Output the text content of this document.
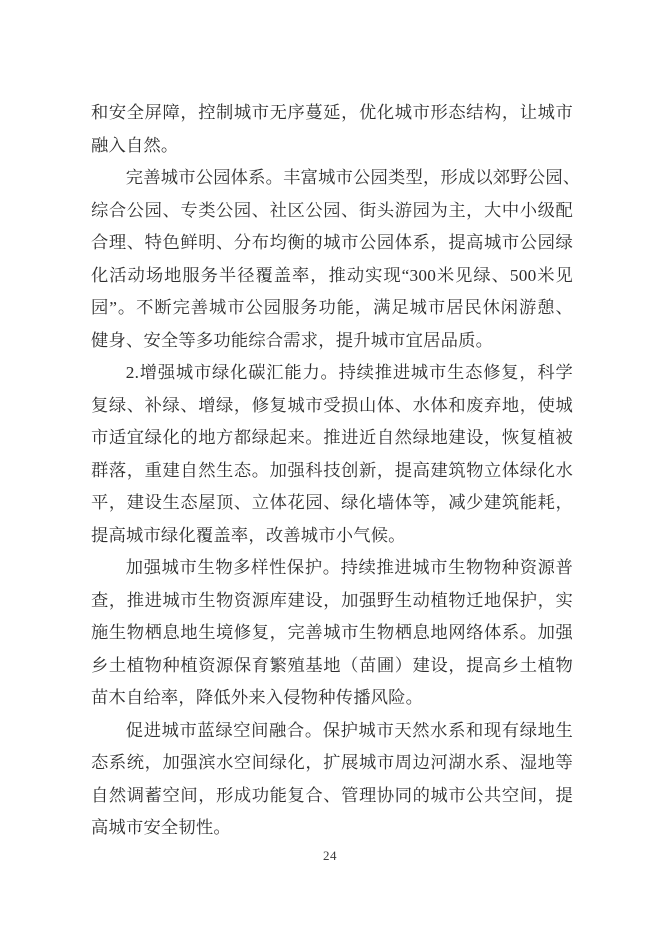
和安全屏障，控制城市无序蔓延，优化城市形态结构，让城市
融入自然。
完善城市公园体系。丰富城市公园类型，形成以郊野公园、
综合公园、专类公园、社区公园、街头游园为主，大中小级配
合理、特色鲜明、分布均衡的城市公园体系，提高城市公园绿
化活动场地服务半径覆盖率，推动实现“300米见绿、500米见
园”。不断完善城市公园服务功能，满足城市居民休闲游憩、
健身、安全等多功能综合需求，提升城市宜居品质。
2.增强城市绿化碳汇能力。持续推进城市生态修复，科学
复绿、补绿、增绿，修复城市受损山体、水体和废弃地，使城
市适宜绿化的地方都绿起来。推进近自然绿地建设，恢复植被
群落，重建自然生态。加强科技创新，提高建筑物立体绿化水
平，建设生态屋顶、立体花园、绿化墙体等，减少建筑能耗，
提高城市绿化覆盖率，改善城市小气候。
加强城市生物多样性保护。持续推进城市生物物种资源普
查，推进城市生物资源库建设，加强野生动植物迁地保护，实
施生物栖息地生境修复，完善城市生物栖息地网络体系。加强
乡土植物种植资源保育繁殖基地（苗圃）建设，提高乡土植物
苗木自给率，降低外来入侵物种传播风险。
促进城市蓝绿空间融合。保护城市天然水系和现有绿地生
态系统，加强滨水空间绿化，扩展城市周边河湖水系、湿地等
自然调蓄空间，形成功能复合、管理协同的城市公共空间，提
高城市安全韧性。
24
